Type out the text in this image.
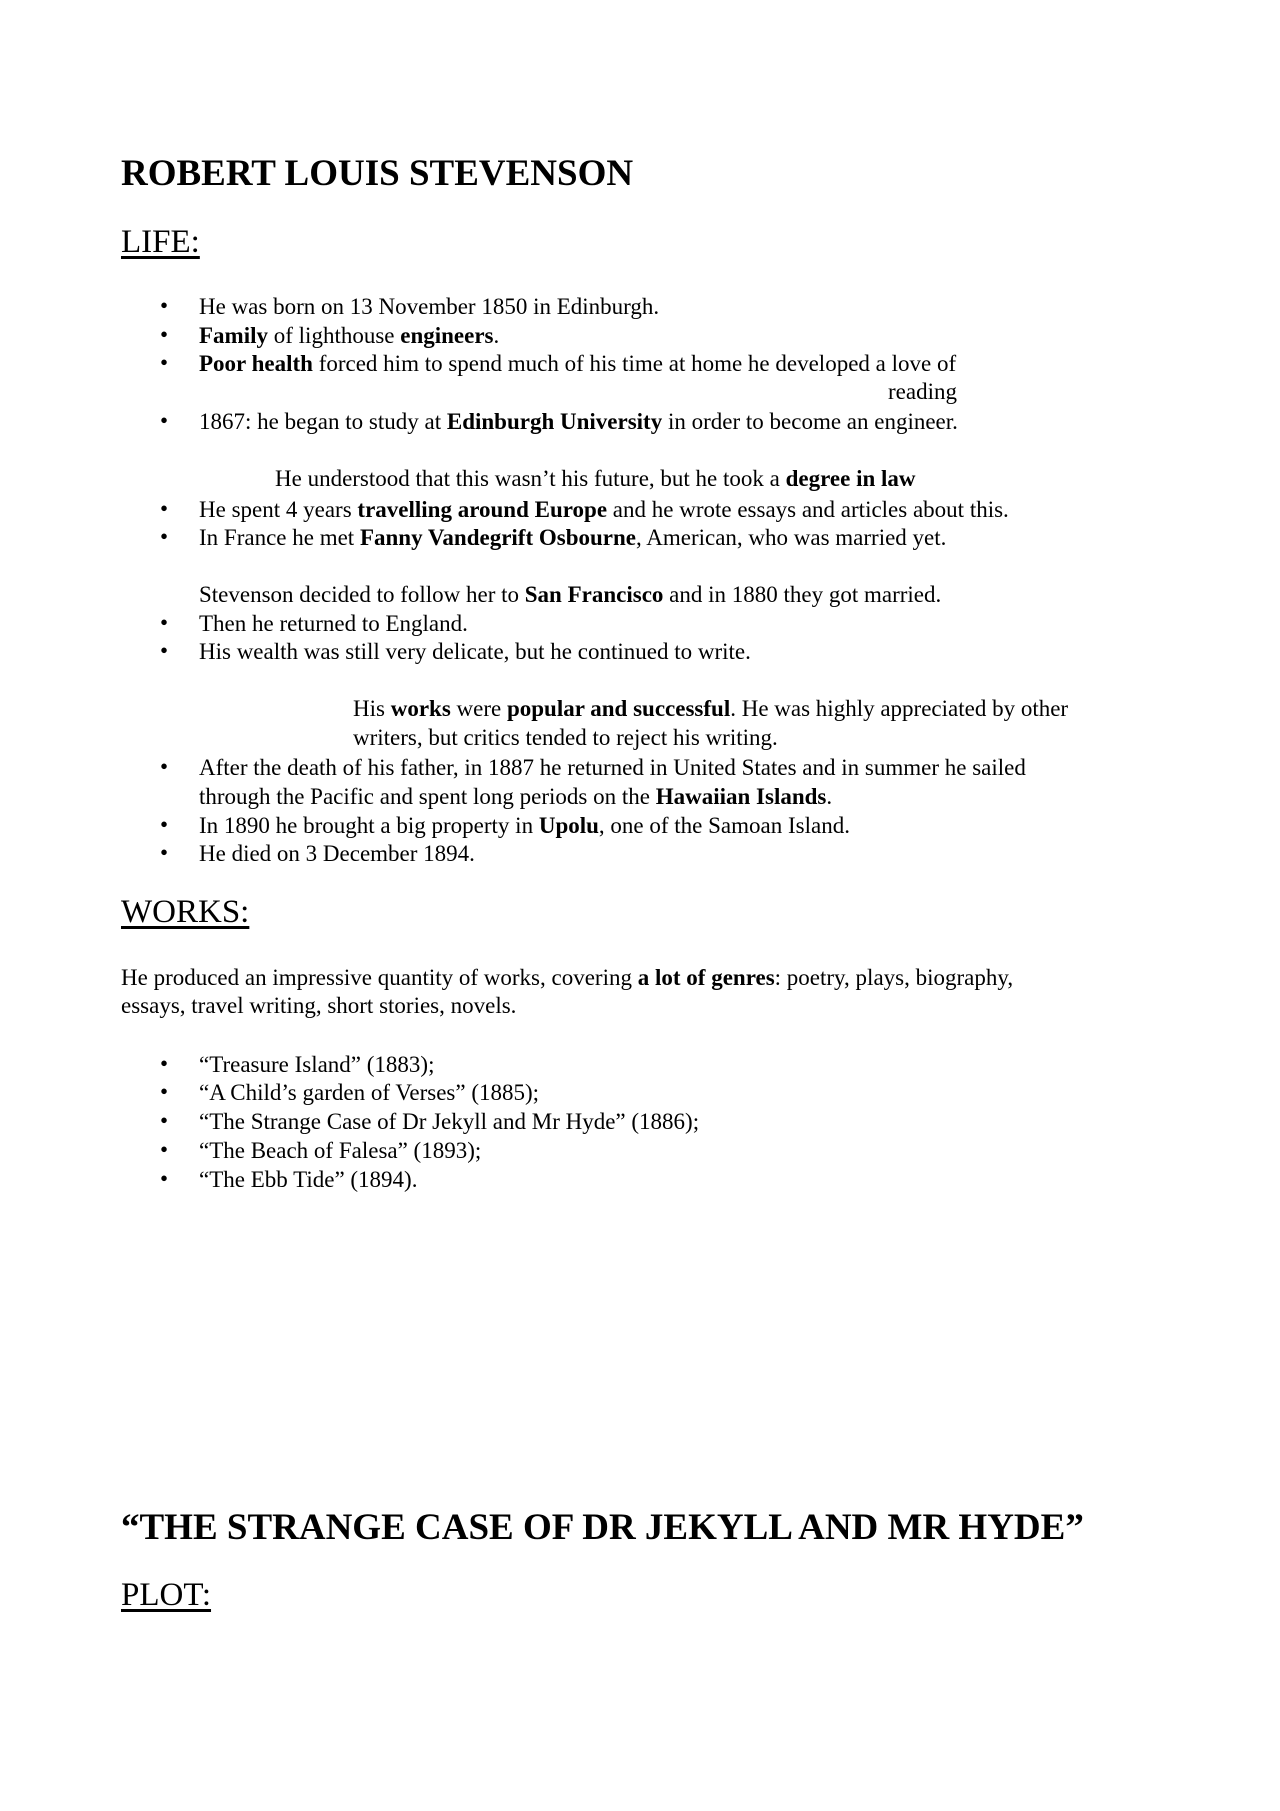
ROBERT LOUIS STEVENSON
LIFE:
• He was born on 13 November 1850 in Edinburgh.
• Family of lighthouse engineers.
• Poor health forced him to spend much of his time at home he developed a love of
reading
• 1867: he began to study at Edinburgh University in order to become an engineer.
He understood that this wasn’t his future, but he took a degree in law
• He spent 4 years travelling around Europe and he wrote essays and articles about this.
• In France he met Fanny Vandegrift Osbourne, American, who was married yet.
Stevenson decided to follow her to San Francisco and in 1880 they got married.
• Then he returned to England.
• His wealth was still very delicate, but he continued to write.
His works were popular and successful. He was highly appreciated by other
writers, but critics tended to reject his writing.
• After the death of his father, in 1887 he returned in United States and in summer he sailed
through the Pacific and spent long periods on the Hawaiian Islands.
• In 1890 he brought a big property in Upolu, one of the Samoan Island.
• He died on 3 December 1894.
WORKS:
He produced an impressive quantity of works, covering a lot of genres: poetry, plays, biography,
essays, travel writing, short stories, novels.
• “Treasure Island” (1883);
• “A Child’s garden of Verses” (1885);
• “The Strange Case of Dr Jekyll and Mr Hyde” (1886);
• “The Beach of Falesa” (1893);
• “The Ebb Tide” (1894).
“THE STRANGE CASE OF DR JEKYLL AND MR HYDE”
PLOT:
